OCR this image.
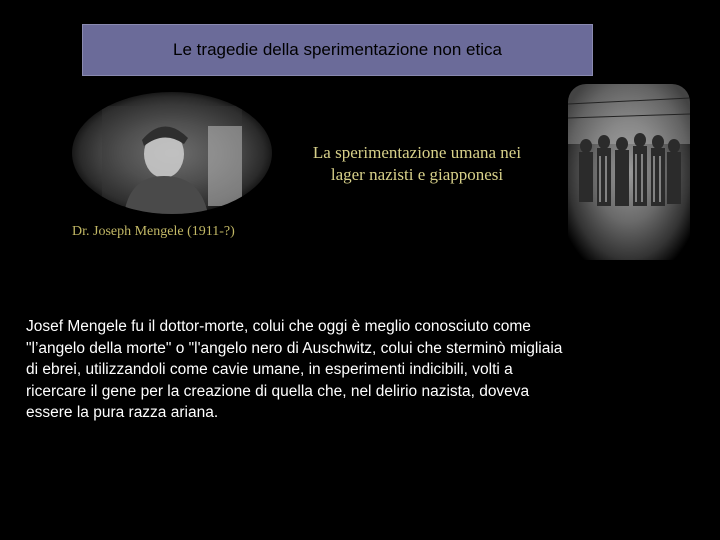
Le tragedie della sperimentazione non etica
La sperimentazione umana nei
lager nazisti e giapponesi
Dr. Joseph Mengele (1911-?)
Josef Mengele fu il dottor-morte, colui che oggi è meglio conosciuto come
"l’angelo della morte" o "l'angelo nero di Auschwitz, colui che sterminò migliaia
di ebrei, utilizzandoli come cavie umane, in esperimenti indicibili, volti a
ricercare il gene per la creazione di quella che, nel delirio nazista, doveva
essere la pura razza ariana.
